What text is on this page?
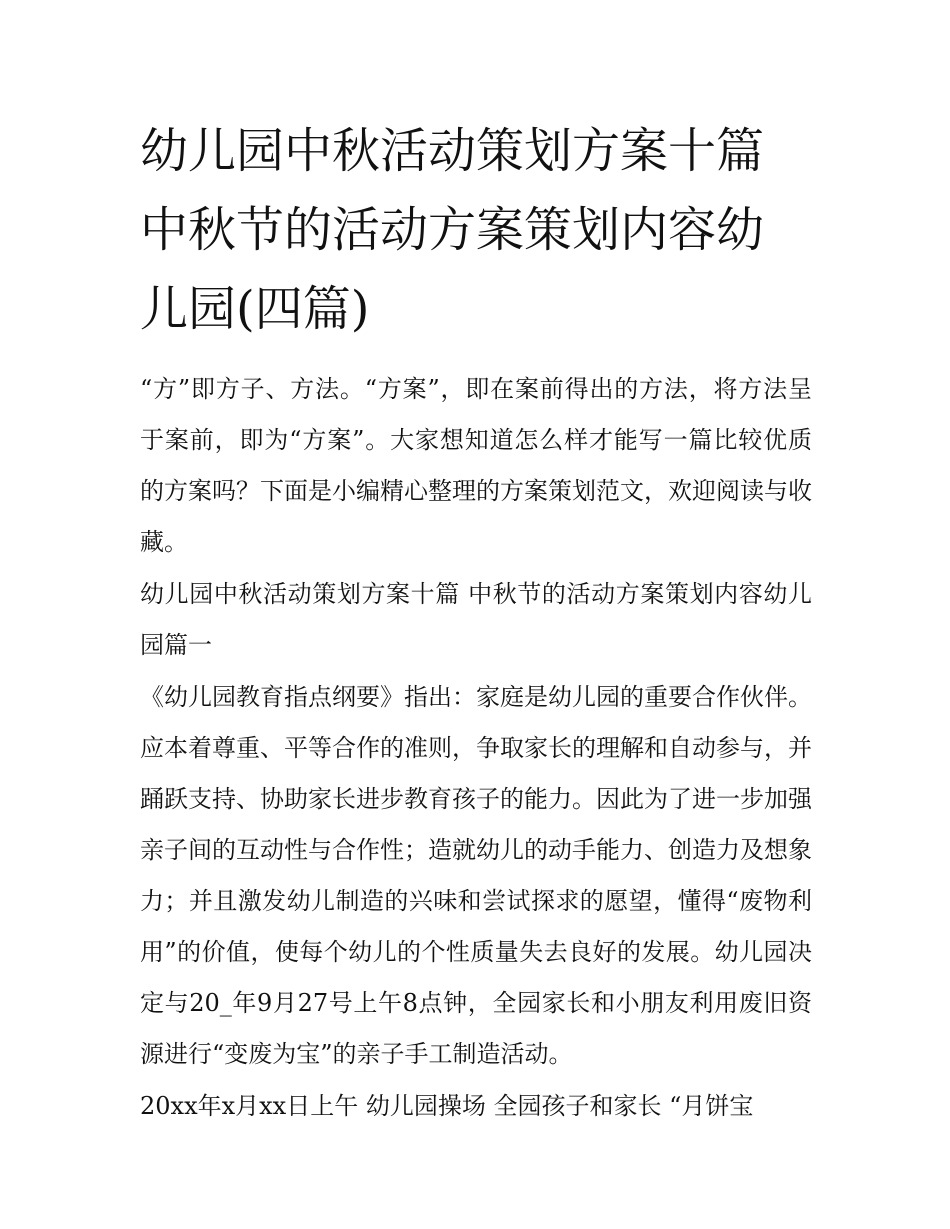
幼儿园中秋活动策划方案十篇 中秋节的活动方案策划内容幼儿园(四篇)

“方”即方子、方法。“方案”，即在案前得出的方法，将方法呈于案前，即为“方案”。大家想知道怎么样才能写一篇比较优质的方案吗？下面是小编精心整理的方案策划范文，欢迎阅读与收藏。

幼儿园中秋活动策划方案十篇 中秋节的活动方案策划内容幼儿园篇一

《幼儿园教育指点纲要》指出：家庭是幼儿园的重要合作伙伴。应本着尊重、平等合作的准则，争取家长的理解和自动参与，并踊跃支持、协助家长进步教育孩子的能力。因此为了进一步加强亲子间的互动性与合作性；造就幼儿的动手能力、创造力及想象力；并且激发幼儿制造的兴味和尝试探求的愿望，懂得“废物利用”的价值，使每个幼儿的个性质量失去良好的发展。幼儿园决定与20_年9月27号上午8点钟，全园家长和小朋友利用废旧资源进行“变废为宝”的亲子手工制造活动。

20xx年x月xx日上午 幼儿园操场 全园孩子和家长 “月饼宝
